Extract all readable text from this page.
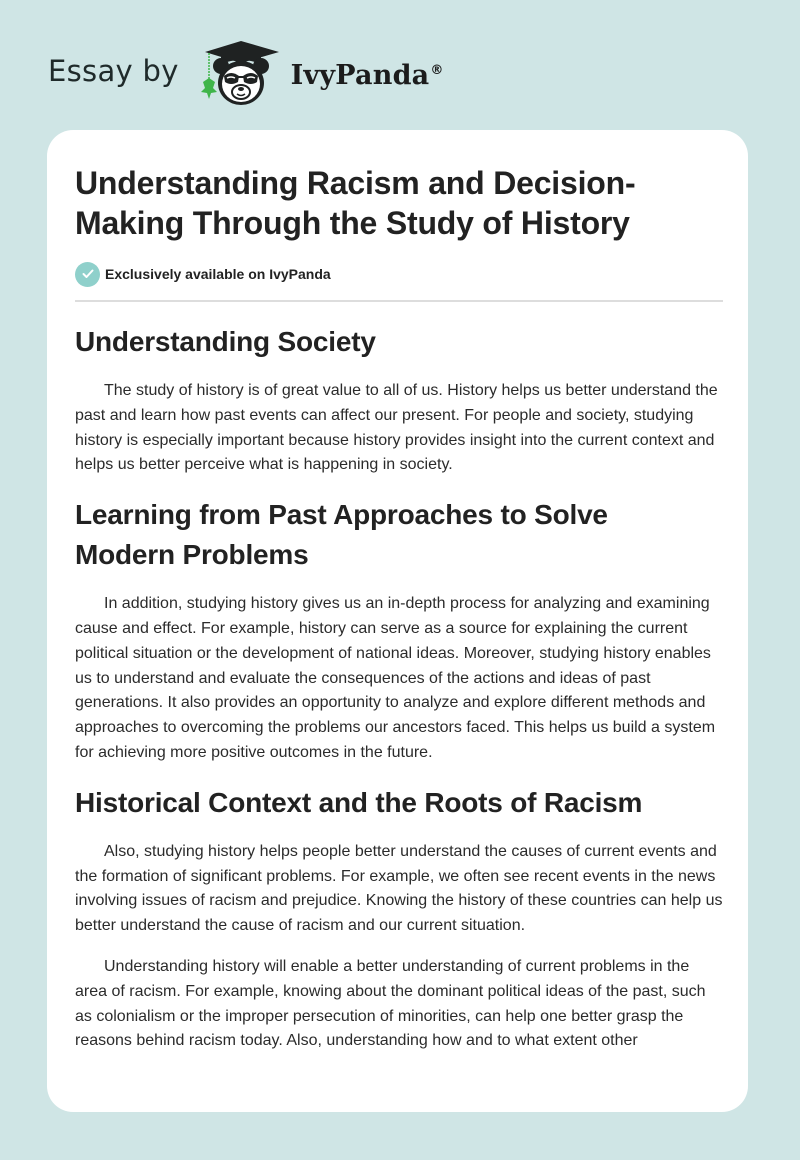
Essay by	IvyPanda®
Understanding Racism and Decision-
Making Through the Study of History
Exclusively available on IvyPanda
Understanding Society

The study of history is of great value to all of us. History helps us better understand the past and learn how past events can affect our present. For people and society, studying history is especially important because history provides insight into the current context and helps us better perceive what is happening in society.

Learning from Past Approaches to Solve
Modern Problems

In addition, studying history gives us an in-depth process for analyzing and examining cause and effect. For example, history can serve as a source for explaining the current political situation or the development of national ideas. Moreover, studying history enables us to understand and evaluate the consequences of the actions and ideas of past generations. It also provides an opportunity to analyze and explore different methods and approaches to overcoming the problems our ancestors faced. This helps us build a system for achieving more positive outcomes in the future.

Historical Context and the Roots of Racism

Also, studying history helps people better understand the causes of current events and the formation of significant problems. For example, we often see recent events in the news involving issues of racism and prejudice. Knowing the history of these countries can help us better understand the cause of racism and our current situation.

Understanding history will enable a better understanding of current problems in the area of racism. For example, knowing about the dominant political ideas of the past, such as colonialism or the improper persecution of minorities, can help one better grasp the reasons behind racism today. Also, understanding how and to what extent other
